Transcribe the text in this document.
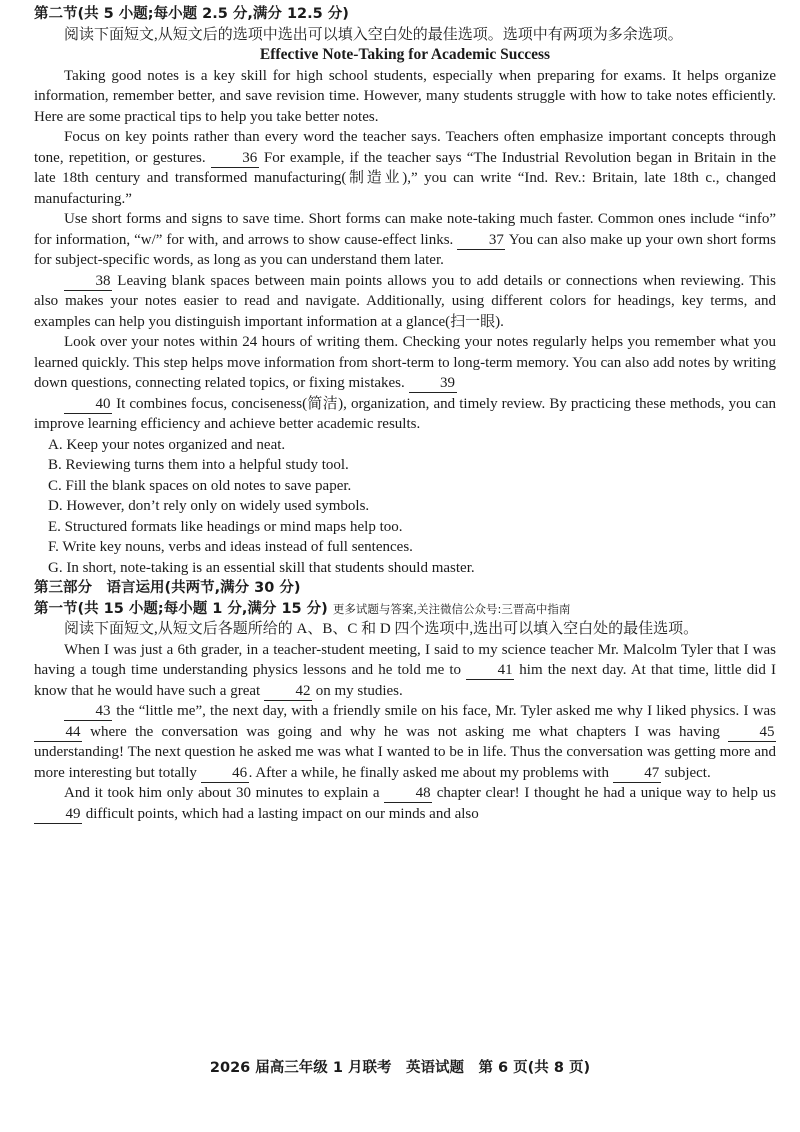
第二节(共 5 小题;每小题 2.5 分,满分 12.5 分)

阅读下面短文,从短文后的选项中选出可以填入空白处的最佳选项。选项中有两项为多余选项。

Effective Note-Taking for Academic Success

Taking good notes is a key skill for high school students, especially when preparing for exams. It helps organize information, remember better, and save revision time. However, many students struggle with how to take notes efficiently. Here are some practical tips to help you take better notes.

Focus on key points rather than every word the teacher says. Teachers often emphasize important concepts through tone, repetition, or gestures. 36 For example, if the teacher says “The Industrial Revolution began in Britain in the late 18th century and transformed manufacturing(制造业),” you can write “Ind. Rev.: Britain, late 18th c., changed manufacturing.”

Use short forms and signs to save time. Short forms can make note-taking much faster. Common ones include “info” for information, “w/” for with, and arrows to show cause-effect links. 37 You can also make up your own short forms for subject-specific words, as long as you can understand them later.

38 Leaving blank spaces between main points allows you to add details or connections when reviewing. This also makes your notes easier to read and navigate. Additionally, using different colors for headings, key terms, and examples can help you distinguish important information at a glance(扫一眼).

Look over your notes within 24 hours of writing them. Checking your notes regularly helps you remember what you learned quickly. This step helps move information from short-term to long-term memory. You can also add notes by writing down questions, connecting related topics, or fixing mistakes. 39

40 It combines focus, conciseness(简洁), organization, and timely review. By practicing these methods, you can improve learning efficiency and achieve better academic results.

A. Keep your notes organized and neat.

B. Reviewing turns them into a helpful study tool.

C. Fill the blank spaces on old notes to save paper.

D. However, don’t rely only on widely used symbols.

E. Structured formats like headings or mind maps help too.

F. Write key nouns, verbs and ideas instead of full sentences.

G. In short, note-taking is an essential skill that students should master.

第三部分　语言运用(共两节,满分 30 分)

第一节(共 15 小题;每小题 1 分,满分 15 分) 更多试题与答案,关注微信公众号:三晋高中指南

阅读下面短文,从短文后各题所给的 A、B、C 和 D 四个选项中,选出可以填入空白处的最佳选项。

When I was just a 6th grader, in a teacher-student meeting, I said to my science teacher Mr. Malcolm Tyler that I was having a tough time understanding physics lessons and he told me to 41 him the next day. At that time, little did I know that he would have such a great 42 on my studies.

43 the “little me”, the next day, with a friendly smile on his face, Mr. Tyler asked me why I liked physics. I was 44 where the conversation was going and why he was not asking me what chapters I was having 45 understanding! The next question he asked me was what I wanted to be in life. Thus the conversation was getting more and more interesting but totally 46 . After a while, he finally asked me about my problems with 47 subject.

And it took him only about 30 minutes to explain a 48 chapter clear! I thought he had a unique way to help us 49 difficult points, which had a lasting impact on our minds and also

2026 届高三年级 1 月联考　英语试题　第 6 页(共 8 页)
